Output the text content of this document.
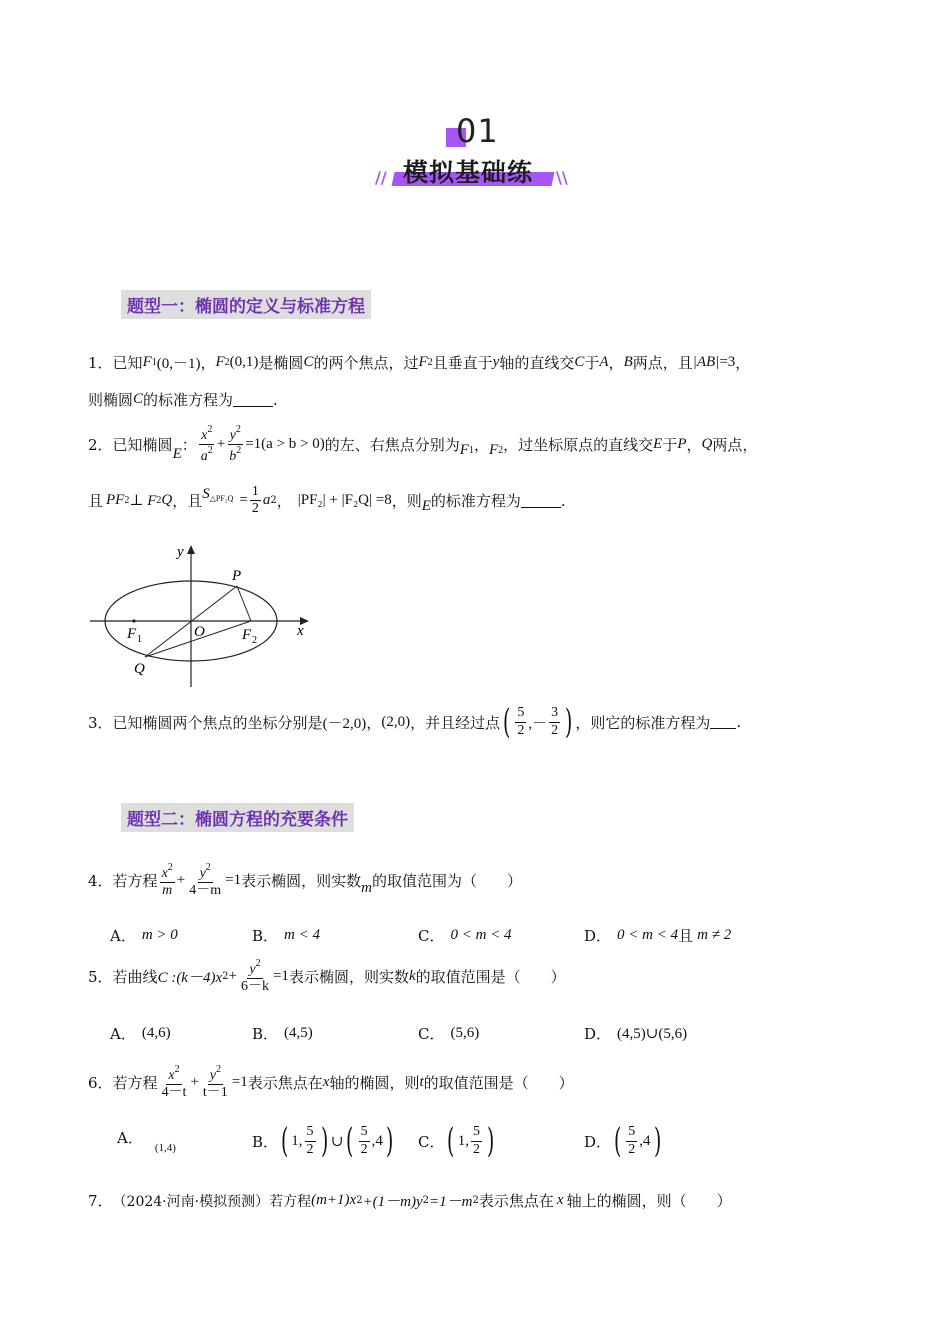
01
//	\\
模拟基础练
题型一：椭圆的定义与标准方程
1． 已知 F 1 (0,－1) ， F 2 (0,1) 是椭圆 C 的两个焦点，过 F 2 且垂直于 y 轴的直线交 C 于 A ， B 两点，且 |AB| =3 ，
则椭圆 C 的标准方程为	.
2． 已知椭圆 E ： $\frac{x^2}{a^2} + \frac{y^2}{b^2} =1(a > b > 0)$ 的左、右焦点分别为 F 1 ， F 2 ，过坐标原点的直线交 E 于 P ， Q 两点，
且 PF 2 ⊥ F 2 Q ，且 S △PF₂Q = $\frac{1}{2}$ a 2 ， |PF₂| + |F₂Q| =8 ，则 E 的标准方程为	.
y
x
P
Q
O
F 1	F 2
3． 已知椭圆两个焦点的坐标分别是 (－2,0) ， (2,0) ，并且经过点 ( $\frac{5}{2}$ ,－ $\frac{3}{2}$ ) ，则它的标准方程为 .
题型二：椭圆方程的充要条件
4． 若方程 $\frac{x^2}{m} + \frac{y^2}{4-m} =1$ 表示椭圆，则实数 m 的取值范围为（　　）
A． m > 0	B． m < 4	C． 0 < m < 4	D． 0 < m < 4 且 m ≠ 2
5． 若曲线 C :(k－4)x $2 + \frac{y^2}{6-k} =1$ 表示椭圆，则实数 k 的取值范围是（　　）
A． (4,6)	B． (4,5)	C． (5,6)	D． (4,5)∪(5,6)
6． 若方程 $\frac{x^2}{4-t} + \frac{y^2}{t-1} =1$ 表示焦点在 x 轴的椭圆，则 t 的取值范围是（　　）
A．
(1,4)	B． ( 1, $\frac{5}{2}$ ) ∪ ( $\frac{5}{2} ,4$ ) C． ( 1, $\frac{5}{2}$ )	D． ( $\frac{5}{2} ,4$ )
7． （2024·河南·模拟预测）若方程 (m+1)x 2 +(1－m)y 2 =1－m 2 表示焦点在 x 轴上的椭圆，则（　　）
